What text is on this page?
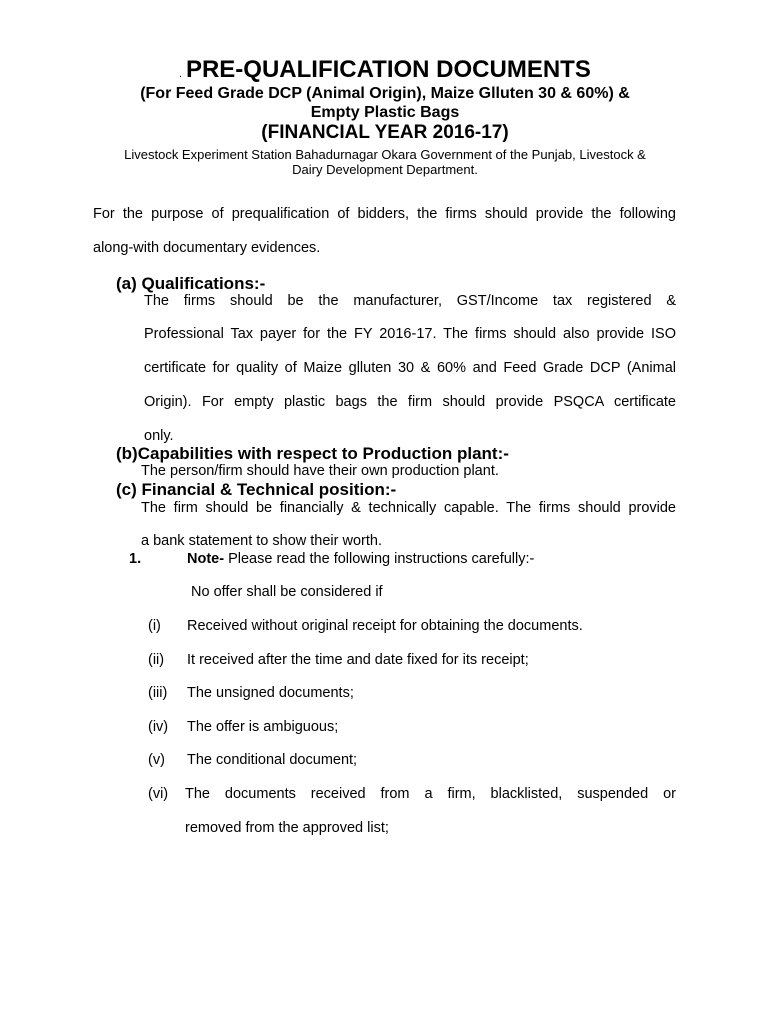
. PRE-QUALIFICATION DOCUMENTS
(For Feed Grade DCP (Animal Origin), Maize Glluten 30 & 60%) &
Empty Plastic Bags
(FINANCIAL YEAR 2016-17)
Livestock Experiment Station Bahadurnagar Okara Government of the Punjab, Livestock &
Dairy Development Department.
For the purpose of prequalification of bidders, the firms should provide the following
along-with documentary evidences.
(a) Qualifications:-
The firms should be the manufacturer, GST/Income tax registered &
Professional Tax payer for the FY 2016-17. The firms should also provide ISO
certificate for quality of Maize glluten 30 & 60% and Feed Grade DCP (Animal
Origin). For empty plastic bags the firm should provide PSQCA certificate
only.
(b)Capabilities with respect to Production plant:-
The person/firm should have their own production plant.
(c) Financial & Technical position:-
The firm should be financially & technically capable. The firms should provide
a bank statement to show their worth.
1.	Note- Please read the following instructions carefully:-
No offer shall be considered if
(i) Received without original receipt for obtaining the documents.
(ii) It received after the time and date fixed for its receipt;
(iii) The unsigned documents;
(iv) The offer is ambiguous;
(v) The conditional document;
(vi) The documents received from a firm, blacklisted, suspended or
removed from the approved list;
